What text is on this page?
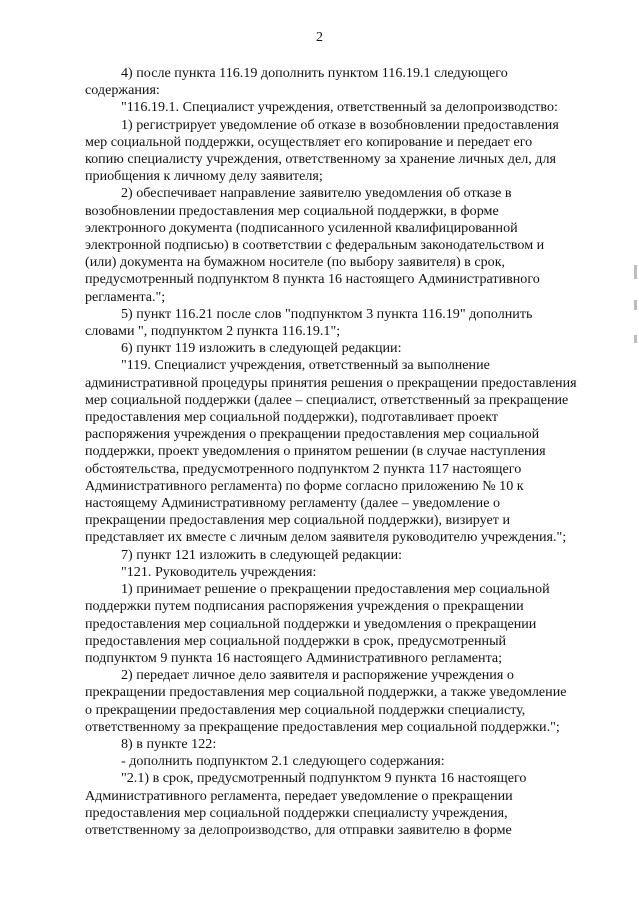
2

4) после пункта 116.19 дополнить пунктом 116.19.1 следующего
содержания:

"116.19.1. Специалист учреждения, ответственный за делопроизводство:

1) регистрирует уведомление об отказе в возобновлении предоставления
мер социальной поддержки, осуществляет его копирование и передает его
копию специалисту учреждения, ответственному за хранение личных дел, для
приобщения к личному делу заявителя;

2) обеспечивает направление заявителю уведомления об отказе в
возобновлении предоставления мер социальной поддержки, в форме
электронного документа (подписанного усиленной квалифицированной
электронной подписью) в соответствии с федеральным законодательством и
(или) документа на бумажном носителе (по выбору заявителя) в срок,
предусмотренный подпунктом 8 пункта 16 настоящего Административного
регламента.";

5) пункт 116.21 после слов "подпунктом 3 пункта 116.19" дополнить
словами ", подпунктом 2 пункта 116.19.1";

6) пункт 119 изложить в следующей редакции:

"119. Специалист учреждения, ответственный за выполнение
административной процедуры принятия решения о прекращении предоставления
мер социальной поддержки (далее – специалист, ответственный за прекращение
предоставления мер социальной поддержки), подготавливает проект
распоряжения учреждения о прекращении предоставления мер социальной
поддержки, проект уведомления о принятом решении (в случае наступления
обстоятельства, предусмотренного подпунктом 2 пункта 117 настоящего
Административного регламента) по форме согласно приложению № 10 к
настоящему Административному регламенту (далее – уведомление о
прекращении предоставления мер социальной поддержки), визирует и
представляет их вместе с личным делом заявителя руководителю учреждения.";

7) пункт 121 изложить в следующей редакции:

"121. Руководитель учреждения:

1) принимает решение о прекращении предоставления мер социальной
поддержки путем подписания распоряжения учреждения о прекращении
предоставления мер социальной поддержки и уведомления о прекращении
предоставления мер социальной поддержки в срок, предусмотренный
подпунктом 9 пункта 16 настоящего Административного регламента;

2) передает личное дело заявителя и распоряжение учреждения о
прекращении предоставления мер социальной поддержки, а также уведомление
о прекращении предоставления мер социальной поддержки специалисту,
ответственному за прекращение предоставления мер социальной поддержки.";

8) в пункте 122:

- дополнить подпунктом 2.1 следующего содержания:

"2.1) в срок, предусмотренный подпунктом 9 пункта 16 настоящего
Административного регламента, передает уведомление о прекращении
предоставления мер социальной поддержки специалисту учреждения,
ответственному за делопроизводство, для отправки заявителю в форме
